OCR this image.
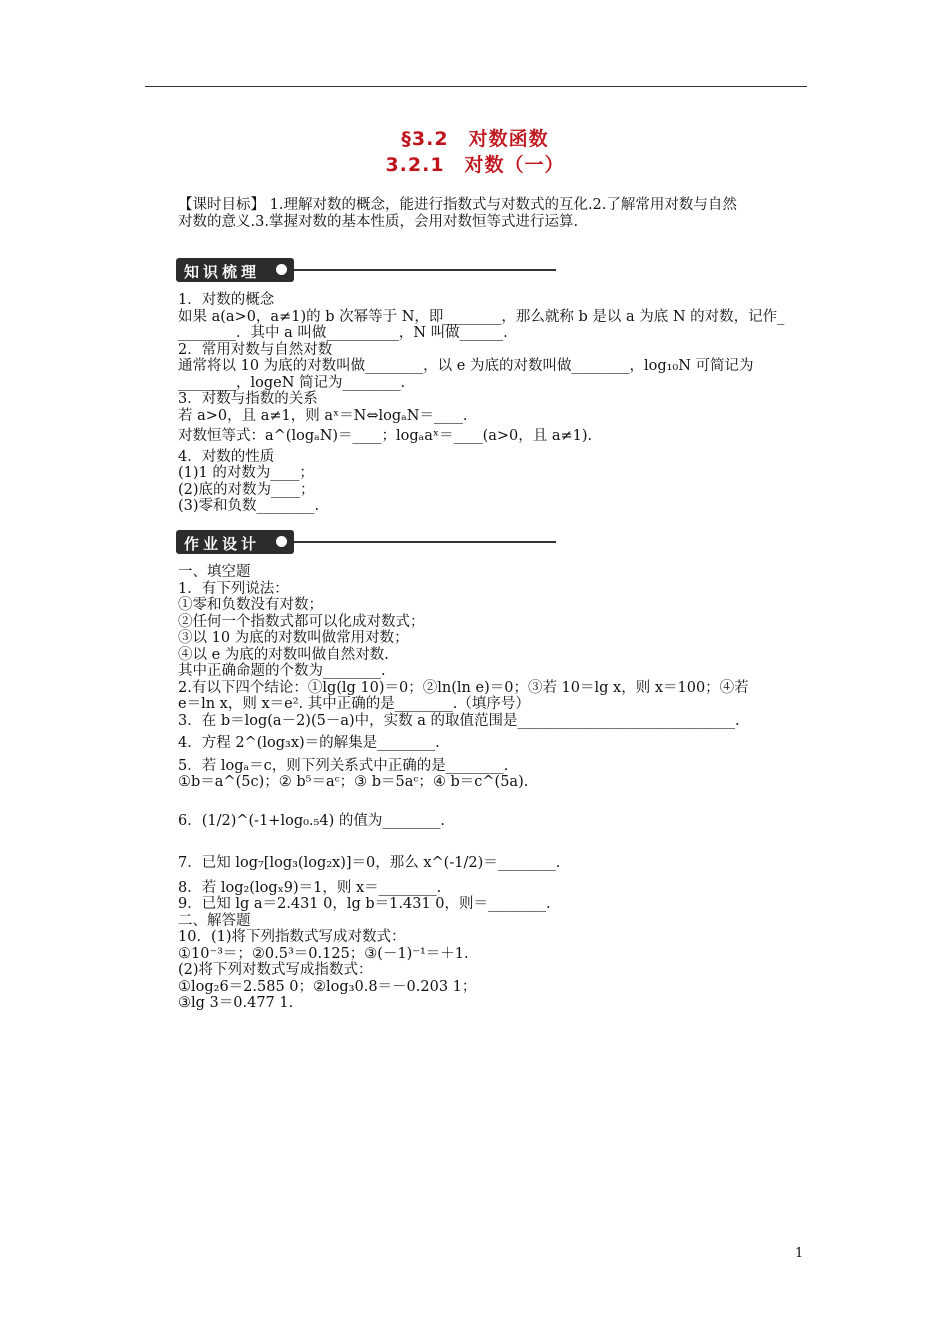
§3.2　对数函数
3.2.1　对数（一）
【课时目标】 1.理解对数的概念，能进行指数式与对数式的互化.2.了解常用对数与自然
对数的意义.3.掌握对数的基本性质，会用对数恒等式进行运算.
知识梳理
1．对数的概念
如果 a(a>0，a≠1)的 b 次幂等于 N，即________，那么就称 b 是以 a 为底 N 的对数，记作_
________．其中 a 叫做__________，N 叫做______.
2．常用对数与自然对数
通常将以 10 为底的对数叫做________，以 e 为底的对数叫做________，log₁₀N 可简记为
________，logeN 简记为________.
3．对数与指数的关系
若 a>0，且 a≠1，则 aˣ＝N⇔logₐN＝____.
对数恒等式：a^(logₐN)＝____；logₐaˣ＝____(a>0，且 a≠1).
4．对数的性质
(1)1 的对数为____；
(2)底的对数为____；
(3)零和负数________.
作业设计
一、填空题
1．有下列说法：
①零和负数没有对数；
②任何一个指数式都可以化成对数式；
③以 10 为底的对数叫做常用对数；
④以 e 为底的对数叫做自然对数.
其中正确命题的个数为________.
2.有以下四个结论：①lg(lg 10)＝0；②ln(ln e)＝0；③若 10＝lg x，则 x＝100；④若
e＝ln x，则 x＝e². 其中正确的是________.（填序号）
3．在 b＝log(a－2)(5－a)中，实数 a 的取值范围是______________________________.
4．方程 2^(log₃x)＝的解集是________.
5．若 logₐ＝c，则下列关系式中正确的是________.
①b＝a^(5c)；② b⁵＝aᶜ；③ b＝5aᶜ；④ b＝c^(5a).
6．(1/2)^(-1+log₀.₅4) 的值为________.
7．已知 log₇[log₃(log₂x)]＝0，那么 x^(-1/2)＝________.
8．若 log₂(logₓ9)＝1，则 x＝________.
9．已知 lg a＝2.431 0，lg b＝1.431 0，则＝________.
二、解答题
10．(1)将下列指数式写成对数式：
①10⁻³＝；②0.5³＝0.125；③(－1)⁻¹＝＋1.
(2)将下列对数式写成指数式：
①log₂6＝2.585 0；②log₃0.8＝－0.203 1；
③lg 3＝0.477 1.
1
